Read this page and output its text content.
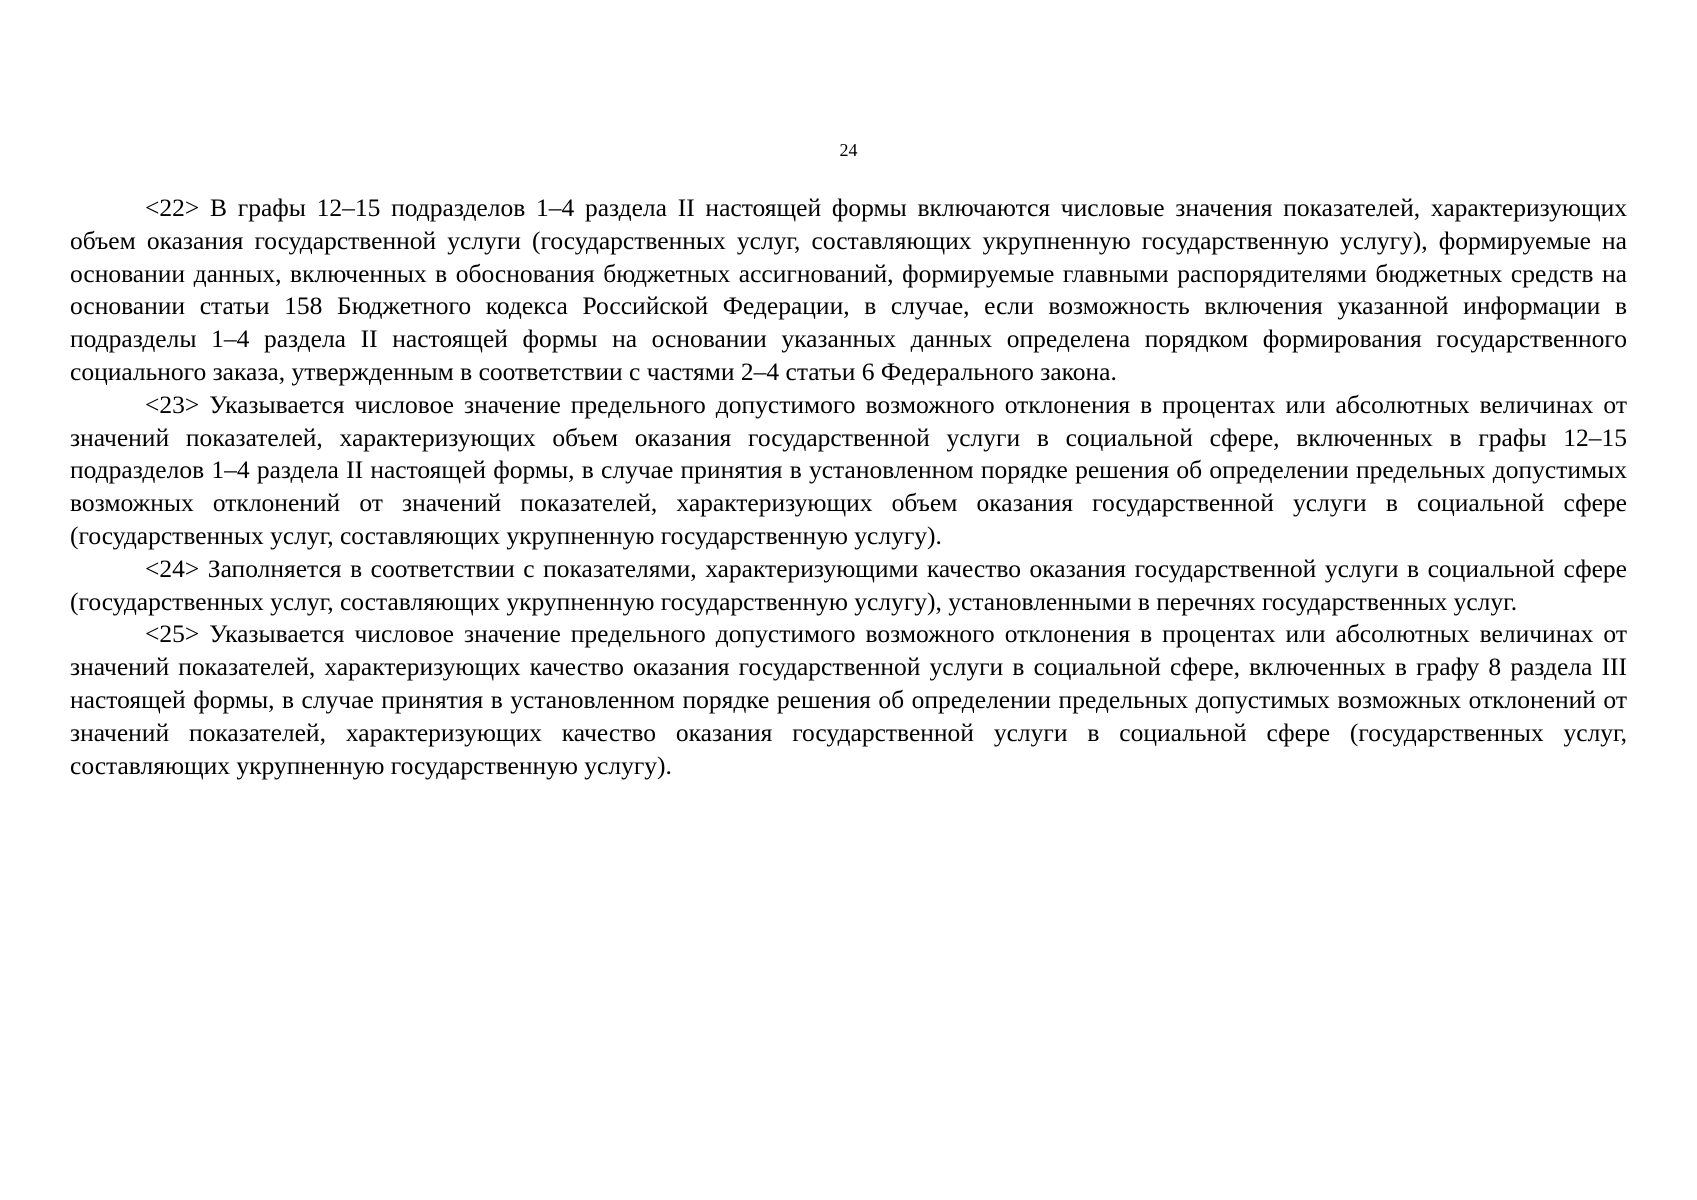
24

<22> В графы 12–15 подразделов 1–4 раздела II настоящей формы включаются числовые значения показателей, характеризующих объем оказания государственной услуги (государственных услуг, составляющих укрупненную государственную услугу), формируемые на основании данных, включенных в обоснования бюджетных ассигнований, формируемые главными распорядителями бюджетных средств на основании статьи 158 Бюджетного кодекса Российской Федерации, в случае, если возможность включения указанной информации в подразделы 1–4 раздела II настоящей формы на основании указанных данных определена порядком формирования государственного социального заказа, утвержденным в соответствии с частями 2–4 статьи 6 Федерального закона.

<23> Указывается числовое значение предельного допустимого возможного отклонения в процентах или абсолютных величинах от значений показателей, характеризующих объем оказания государственной услуги в социальной сфере, включенных в графы 12–15 подразделов 1–4 раздела II настоящей формы, в случае принятия в установленном порядке решения об определении предельных допустимых возможных отклонений от значений показателей, характеризующих объем оказания государственной услуги в социальной сфере (государственных услуг, составляющих укрупненную государственную услугу).

<24> Заполняется в соответствии с показателями, характеризующими качество оказания государственной услуги в социальной сфере (государственных услуг, составляющих укрупненную государственную услугу), установленными в перечнях государственных услуг.

<25> Указывается числовое значение предельного допустимого возможного отклонения в процентах или абсолютных величинах от значений показателей, характеризующих качество оказания государственной услуги в социальной сфере, включенных в графу 8 раздела III настоящей формы, в случае принятия в установленном порядке решения об определении предельных допустимых возможных отклонений от значений показателей, характеризующих качество оказания государственной услуги в социальной сфере (государственных услуг, составляющих укрупненную государственную услугу).
